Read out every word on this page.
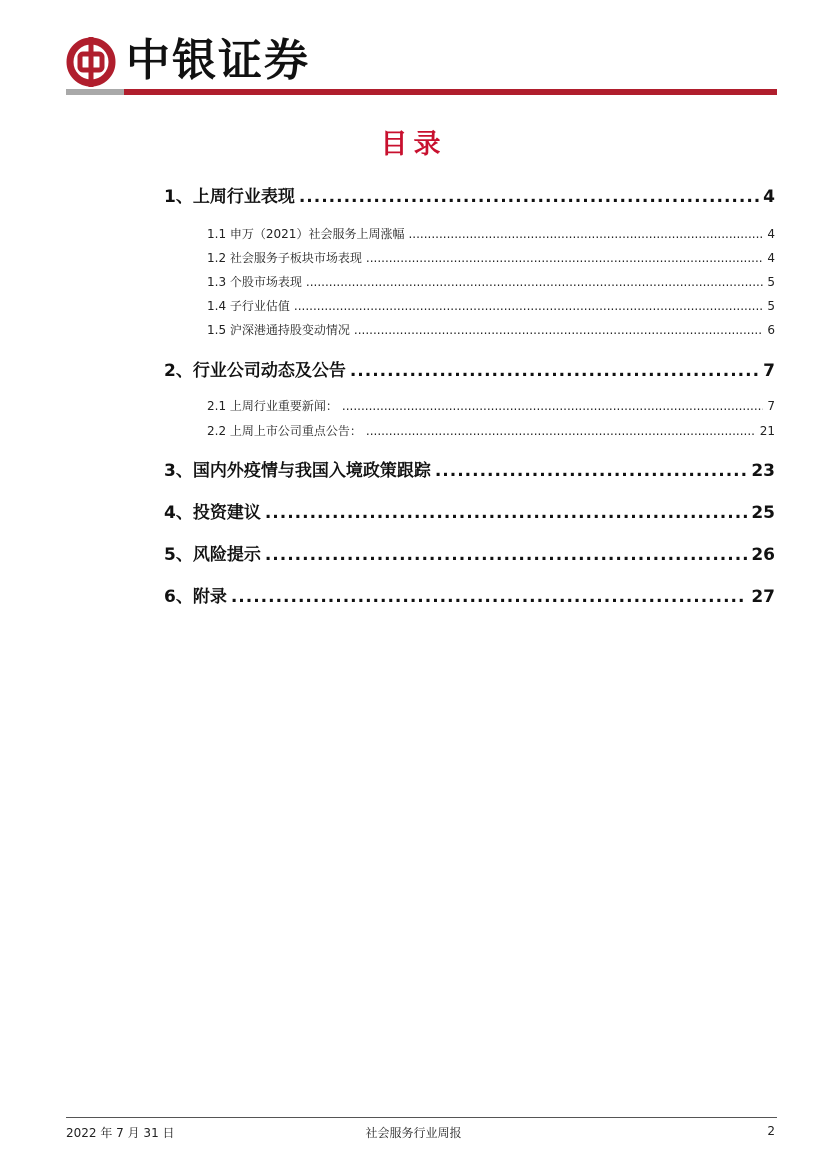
中银证券
目录
1、上周行业表现 .....	4
1.1 申万（2021）社会服务上周涨幅 .....	4
1.2 社会服务子板块市场表现 .....	4
1.3 个股市场表现 .....	5
1.4 子行业估值 .....	5
1.5 沪深港通持股变动情况 .....	6
2、行业公司动态及公告 .....	7
2.1 上周行业重要新闻： .....	7
2.2 上周上市公司重点公告： .....	21
3、国内外疫情与我国入境政策跟踪 .....	23
4、投资建议 .....	25
5、风险提示 .....	26
6、附录 .....	27
2022 年 7 月 31 日	社会服务行业周报	2
